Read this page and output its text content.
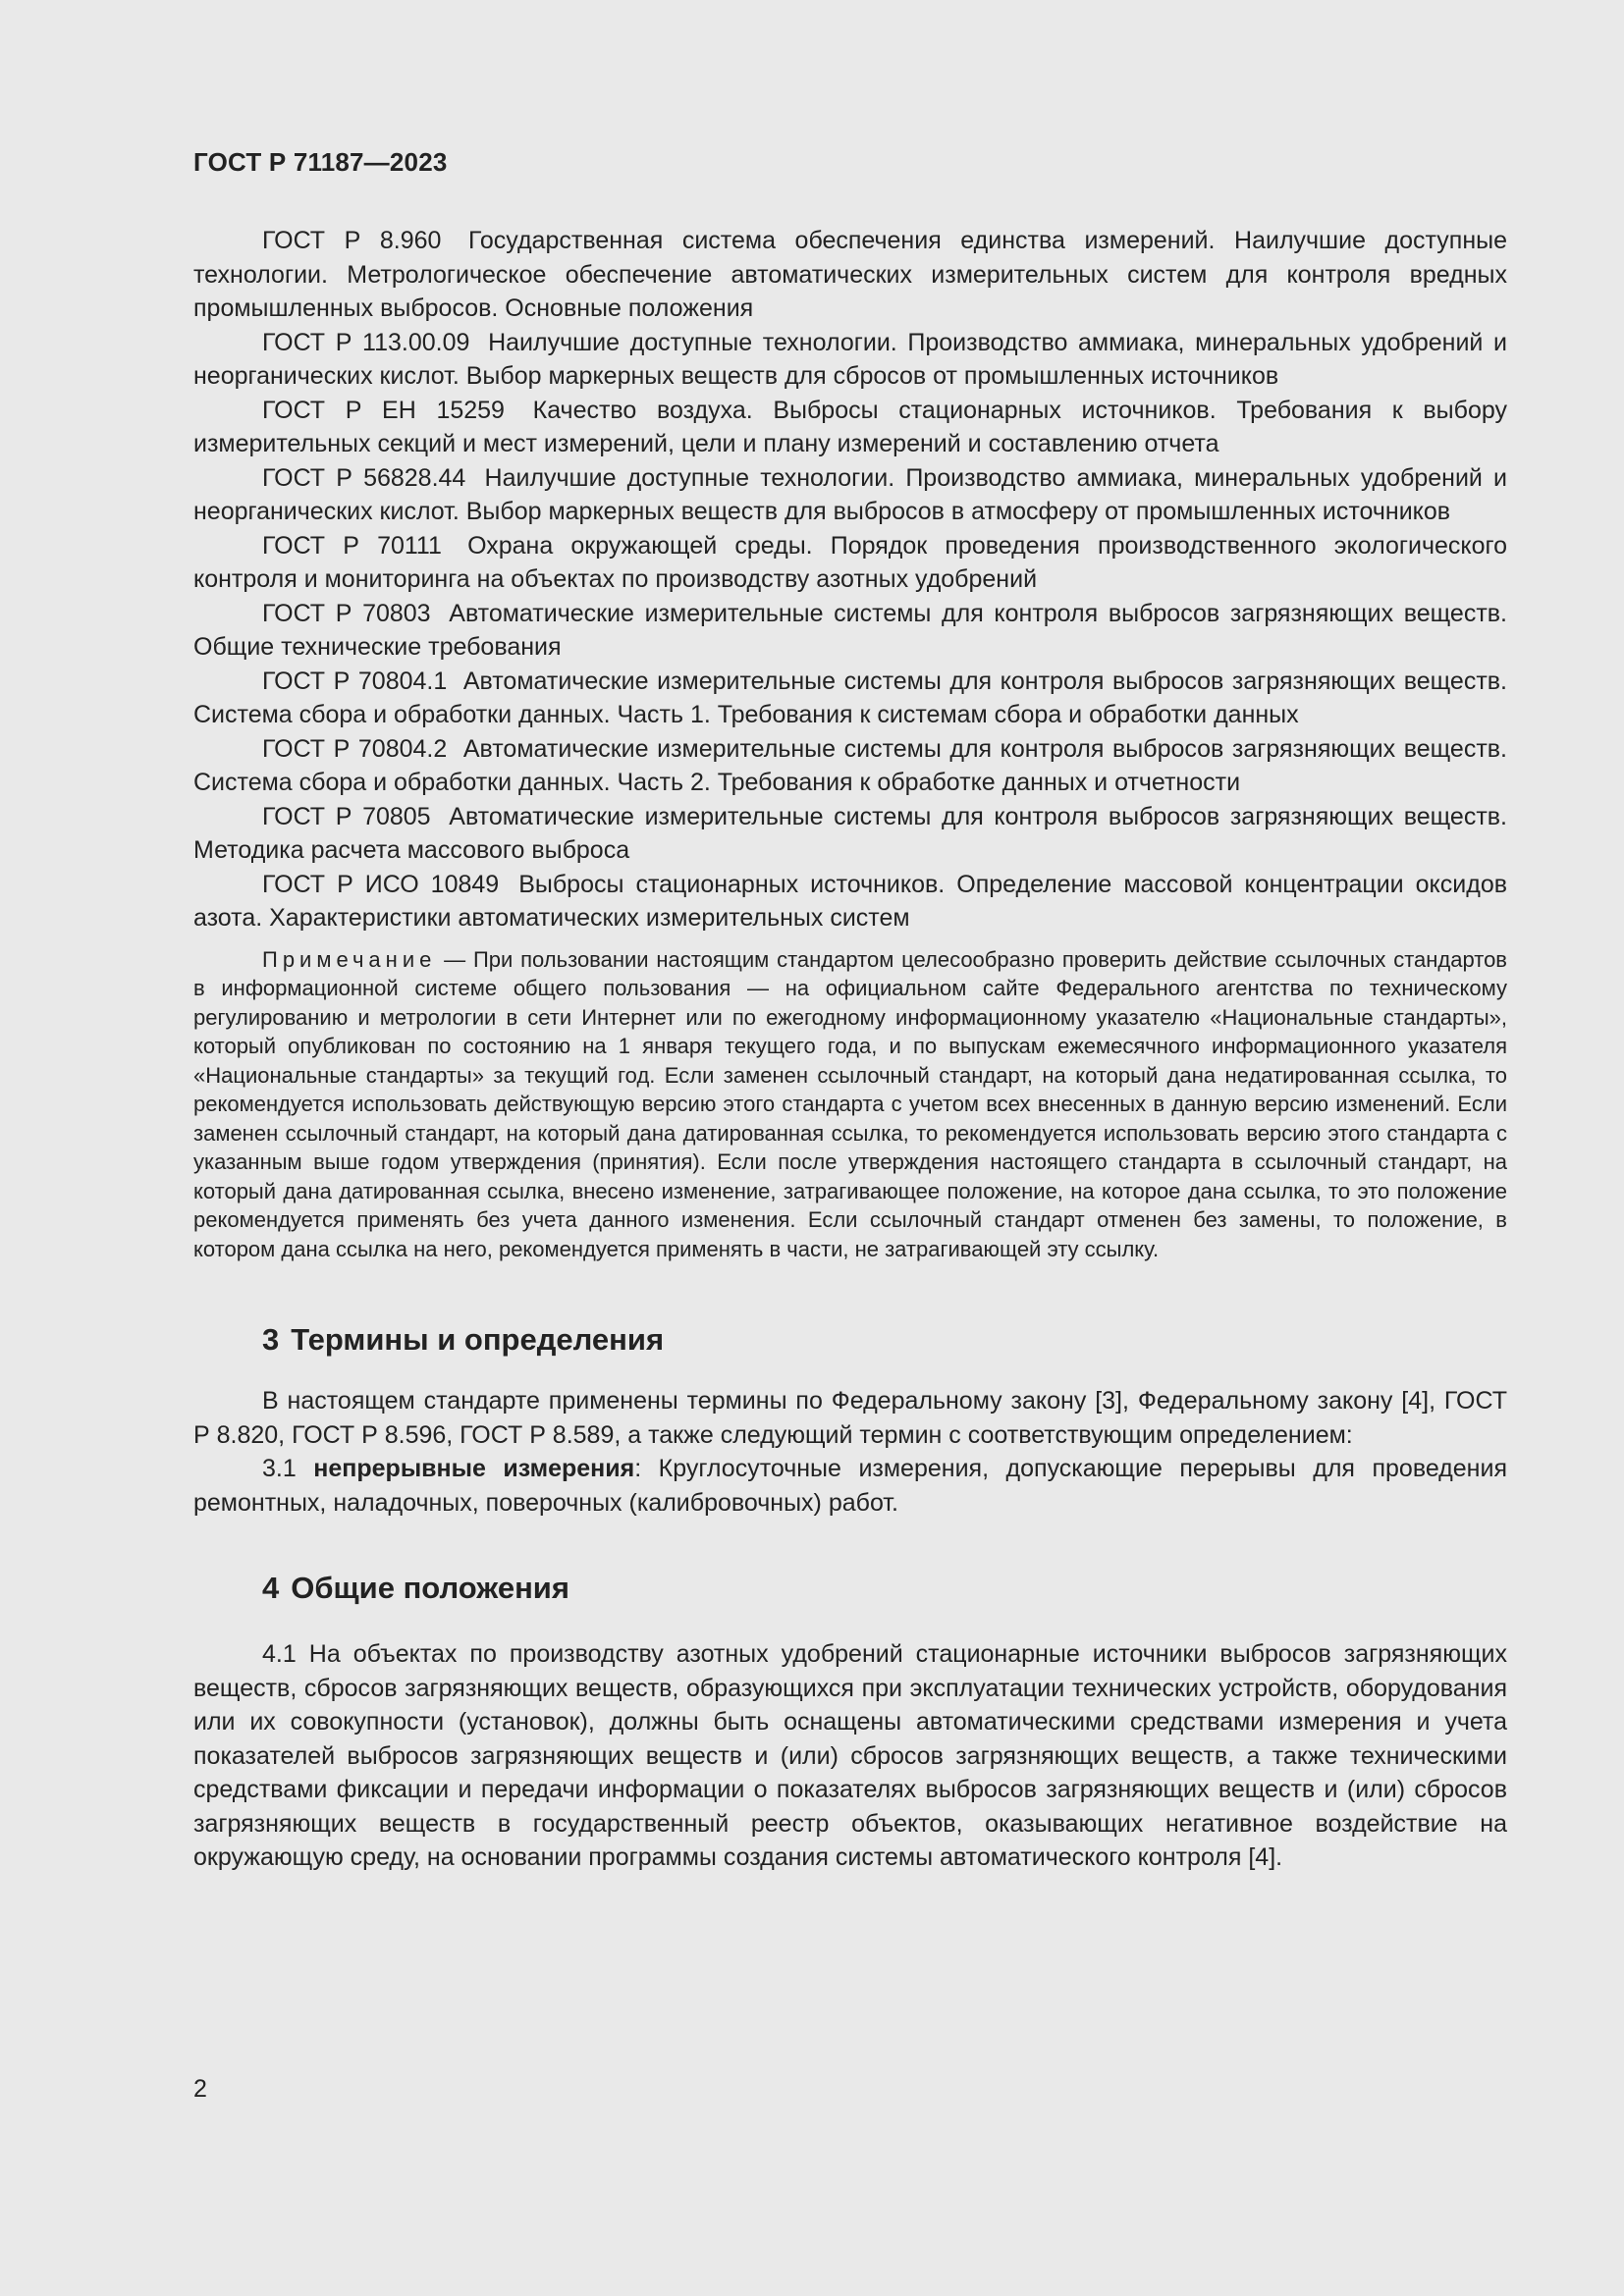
ГОСТ Р 71187—2023

ГОСТ Р 8.960 Государственная система обеспечения единства измерений. Наилучшие доступные технологии. Метрологическое обеспечение автоматических измерительных систем для контроля вредных промышленных выбросов. Основные положения

ГОСТ Р 113.00.09 Наилучшие доступные технологии. Производство аммиака, минеральных удобрений и неорганических кислот. Выбор маркерных веществ для сбросов от промышленных источников

ГОСТ Р ЕН 15259 Качество воздуха. Выбросы стационарных источников. Требования к выбору измерительных секций и мест измерений, цели и плану измерений и составлению отчета

ГОСТ Р 56828.44 Наилучшие доступные технологии. Производство аммиака, минеральных удобрений и неорганических кислот. Выбор маркерных веществ для выбросов в атмосферу от промышленных источников

ГОСТ Р 70111 Охрана окружающей среды. Порядок проведения производственного экологического контроля и мониторинга на объектах по производству азотных удобрений

ГОСТ Р 70803 Автоматические измерительные системы для контроля выбросов загрязняющих веществ. Общие технические требования

ГОСТ Р 70804.1 Автоматические измерительные системы для контроля выбросов загрязняющих веществ. Система сбора и обработки данных. Часть 1. Требования к системам сбора и обработки данных

ГОСТ Р 70804.2 Автоматические измерительные системы для контроля выбросов загрязняющих веществ. Система сбора и обработки данных. Часть 2. Требования к обработке данных и отчетности

ГОСТ Р 70805 Автоматические измерительные системы для контроля выбросов загрязняющих веществ. Методика расчета массового выброса

ГОСТ Р ИСО 10849 Выбросы стационарных источников. Определение массовой концентрации оксидов азота. Характеристики автоматических измерительных систем

Примечание — При пользовании настоящим стандартом целесообразно проверить действие ссылочных стандартов в информационной системе общего пользования — на официальном сайте Федерального агентства по техническому регулированию и метрологии в сети Интернет или по ежегодному информационному указателю «Национальные стандарты», который опубликован по состоянию на 1 января текущего года, и по выпускам ежемесячного информационного указателя «Национальные стандарты» за текущий год. Если заменен ссылочный стандарт, на который дана недатированная ссылка, то рекомендуется использовать действующую версию этого стандарта с учетом всех внесенных в данную версию изменений. Если заменен ссылочный стандарт, на который дана датированная ссылка, то рекомендуется использовать версию этого стандарта с указанным выше годом утверждения (принятия). Если после утверждения настоящего стандарта в ссылочный стандарт, на который дана датированная ссылка, внесено изменение, затрагивающее положение, на которое дана ссылка, то это положение рекомендуется применять без учета данного изменения. Если ссылочный стандарт отменен без замены, то положение, в котором дана ссылка на него, рекомендуется применять в части, не затрагивающей эту ссылку.

3 Термины и определения

В настоящем стандарте применены термины по Федеральному закону [3], Федеральному закону [4], ГОСТ Р 8.820, ГОСТ Р 8.596, ГОСТ Р 8.589, а также следующий термин с соответствующим определением:

3.1 непрерывные измерения: Круглосуточные измерения, допускающие перерывы для проведения ремонтных, наладочных, поверочных (калибровочных) работ.

4 Общие положения

4.1 На объектах по производству азотных удобрений стационарные источники выбросов загрязняющих веществ, сбросов загрязняющих веществ, образующихся при эксплуатации технических устройств, оборудования или их совокупности (установок), должны быть оснащены автоматическими средствами измерения и учета показателей выбросов загрязняющих веществ и (или) сбросов загрязняющих веществ, а также техническими средствами фиксации и передачи информации о показателях выбросов загрязняющих веществ и (или) сбросов загрязняющих веществ в государственный реестр объектов, оказывающих негативное воздействие на окружающую среду, на основании программы создания системы автоматического контроля [4].

2
